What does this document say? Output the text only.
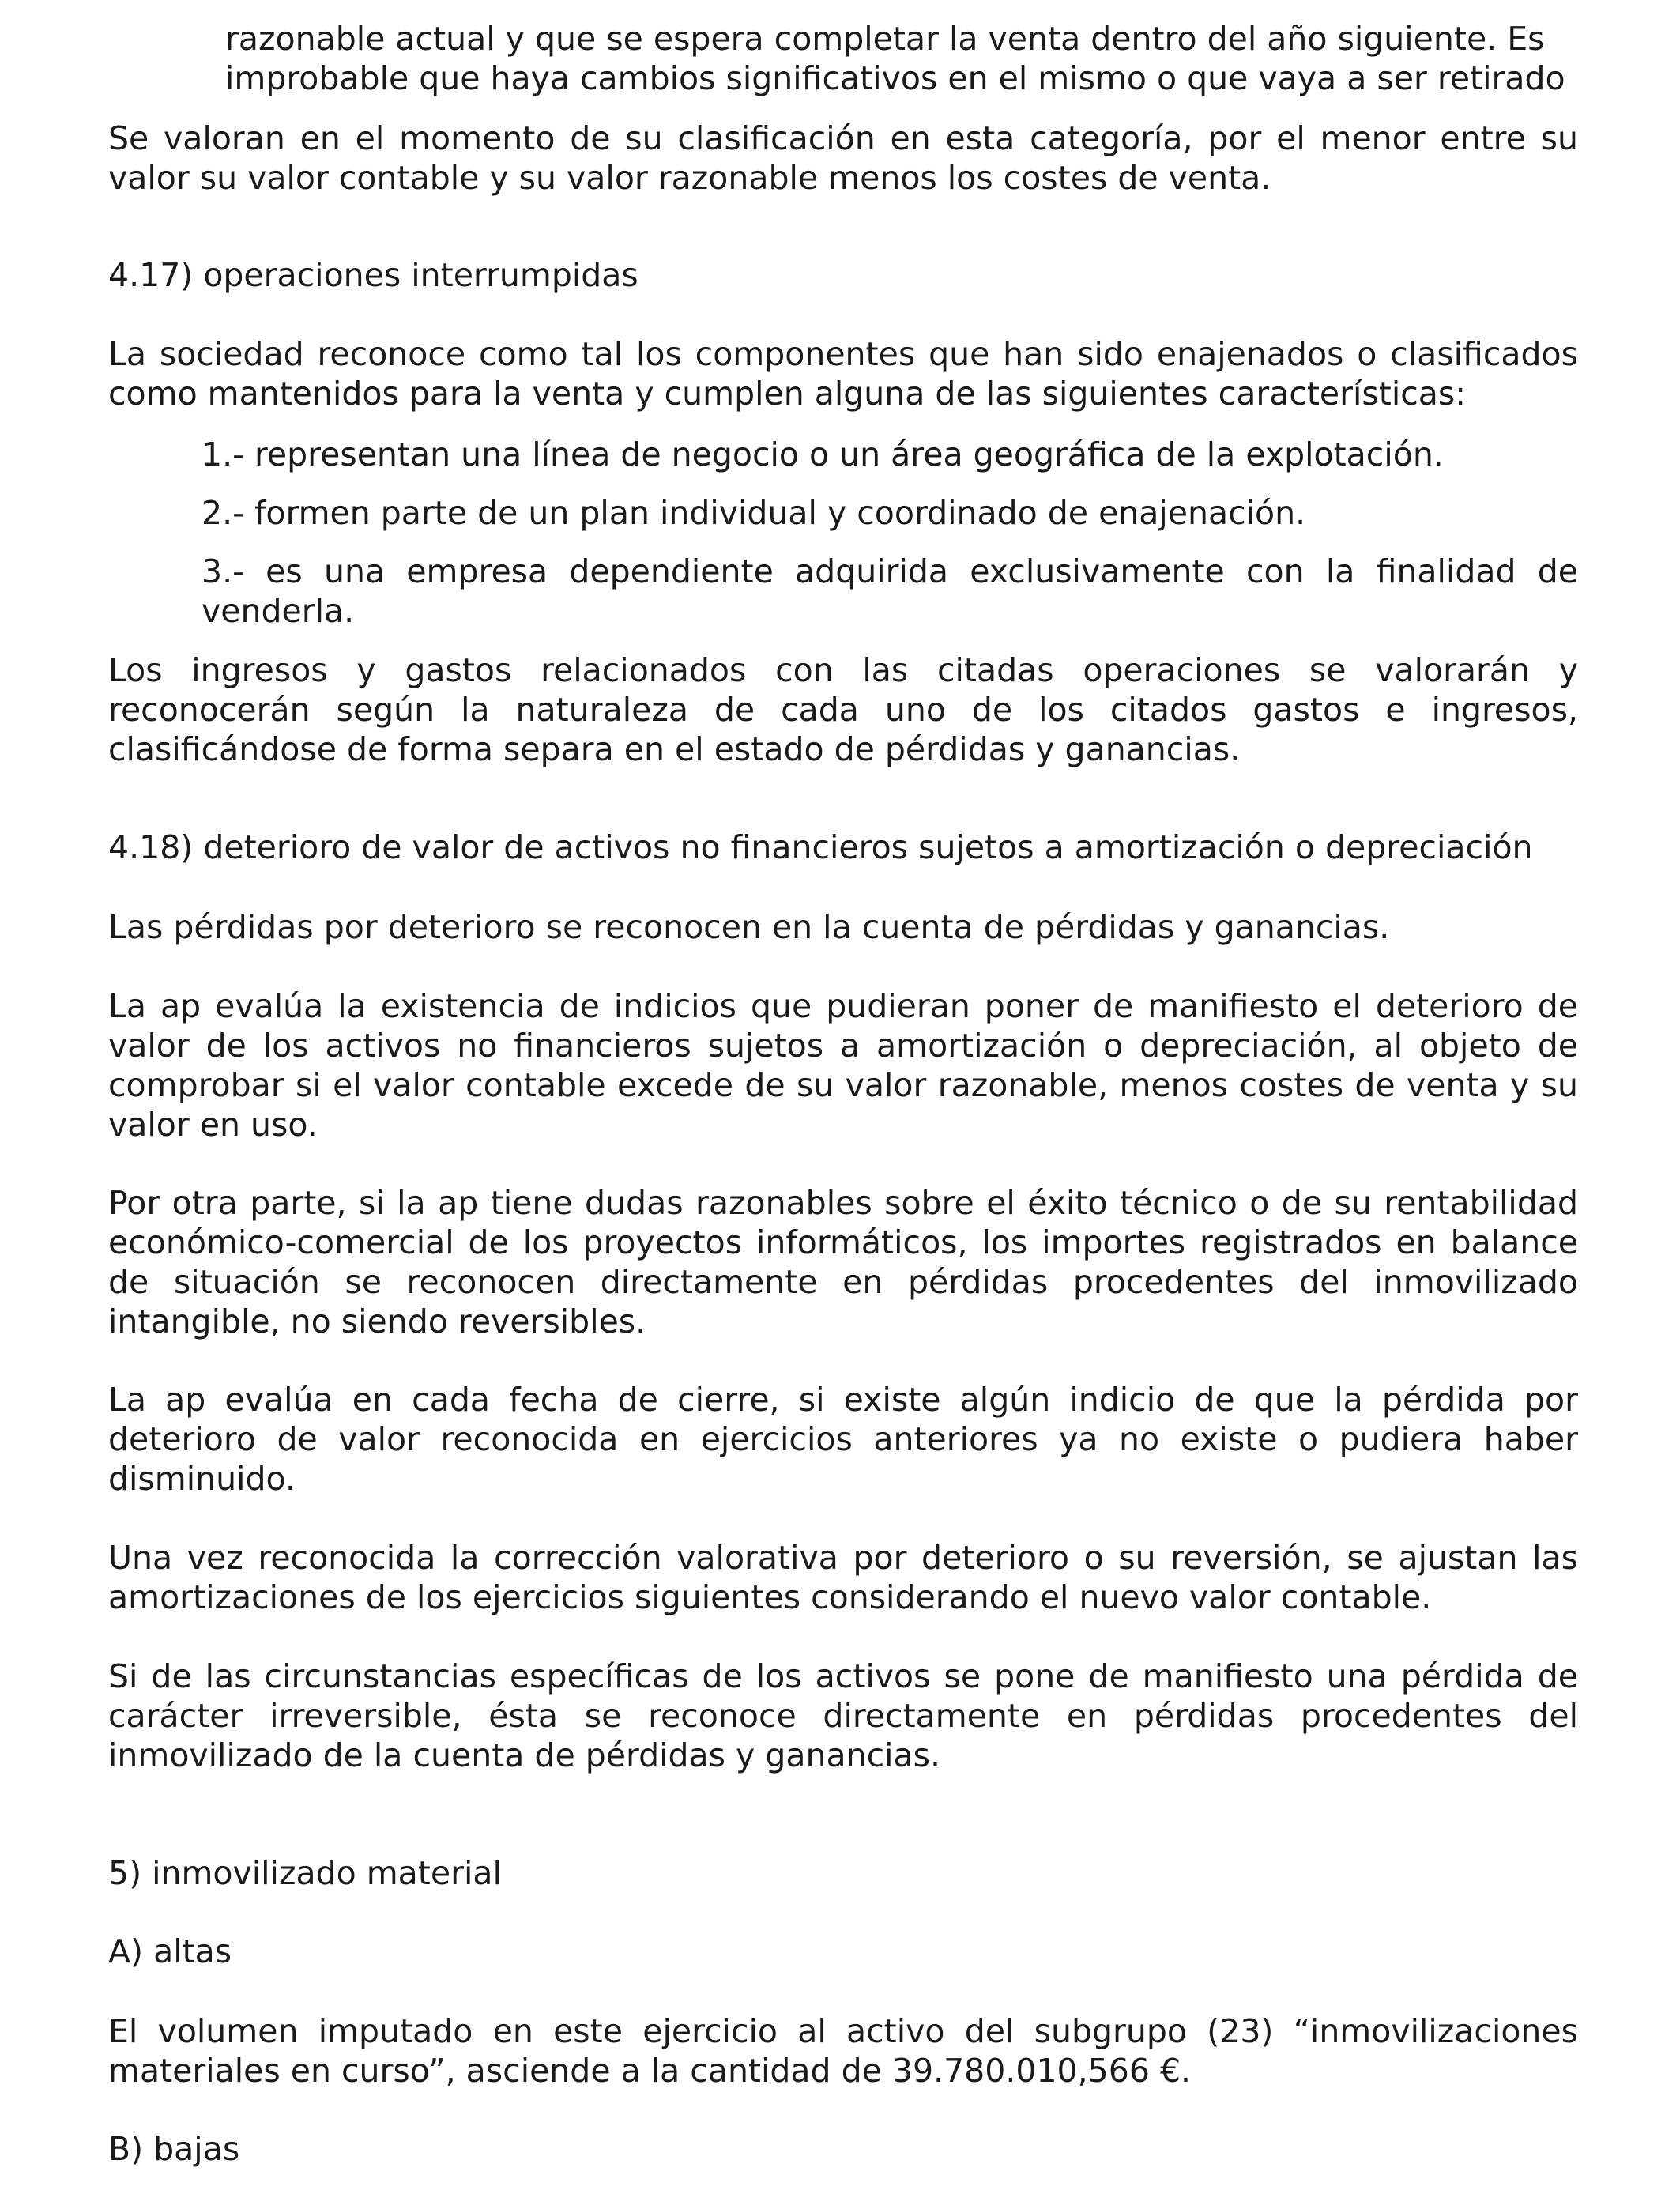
razonable actual y que se espera completar la venta dentro del año siguiente. Es

improbable que haya cambios significativos en el mismo o que vaya a ser retirado

Se valoran en el momento de su clasificación en esta categoría, por el menor entre su valor su valor contable y su valor razonable menos los costes de venta.

4.17) operaciones interrumpidas

La sociedad reconoce como tal los componentes que han sido enajenados o clasificados como mantenidos para la venta y cumplen alguna de las siguientes características:

1.- representan una línea de negocio o un área geográfica de la explotación.

2.- formen parte de un plan individual y coordinado de enajenación.

3.- es una empresa dependiente adquirida exclusivamente con la finalidad de venderla.

Los ingresos y gastos relacionados con las citadas operaciones se valorarán y reconocerán según la naturaleza de cada uno de los citados gastos e ingresos, clasificándose de forma separa en el estado de pérdidas y ganancias.

4.18) deterioro de valor de activos no financieros sujetos a amortización o depreciación

Las pérdidas por deterioro se reconocen en la cuenta de pérdidas y ganancias.

La ap evalúa la existencia de indicios que pudieran poner de manifiesto el deterioro de valor de los activos no financieros sujetos a amortización o depreciación, al objeto de comprobar si el valor contable excede de su valor razonable, menos costes de venta y su valor en uso.

Por otra parte, si la ap tiene dudas razonables sobre el éxito técnico o de su rentabilidad económico-comercial de los proyectos informáticos, los importes registrados en balance de situación se reconocen directamente en pérdidas procedentes del inmovilizado intangible, no siendo reversibles.

La ap evalúa en cada fecha de cierre, si existe algún indicio de que la pérdida por deterioro de valor reconocida en ejercicios anteriores ya no existe o pudiera haber disminuido.

Una vez reconocida la corrección valorativa por deterioro o su reversión, se ajustan las amortizaciones de los ejercicios siguientes considerando el nuevo valor contable.

Si de las circunstancias específicas de los activos se pone de manifiesto una pérdida de carácter irreversible, ésta se reconoce directamente en pérdidas procedentes del inmovilizado de la cuenta de pérdidas y ganancias.

5) inmovilizado material

A) altas

El volumen imputado en este ejercicio al activo del subgrupo (23) “inmovilizaciones materiales en curso”, asciende a la cantidad de 39.780.010,566 €.

B) bajas
